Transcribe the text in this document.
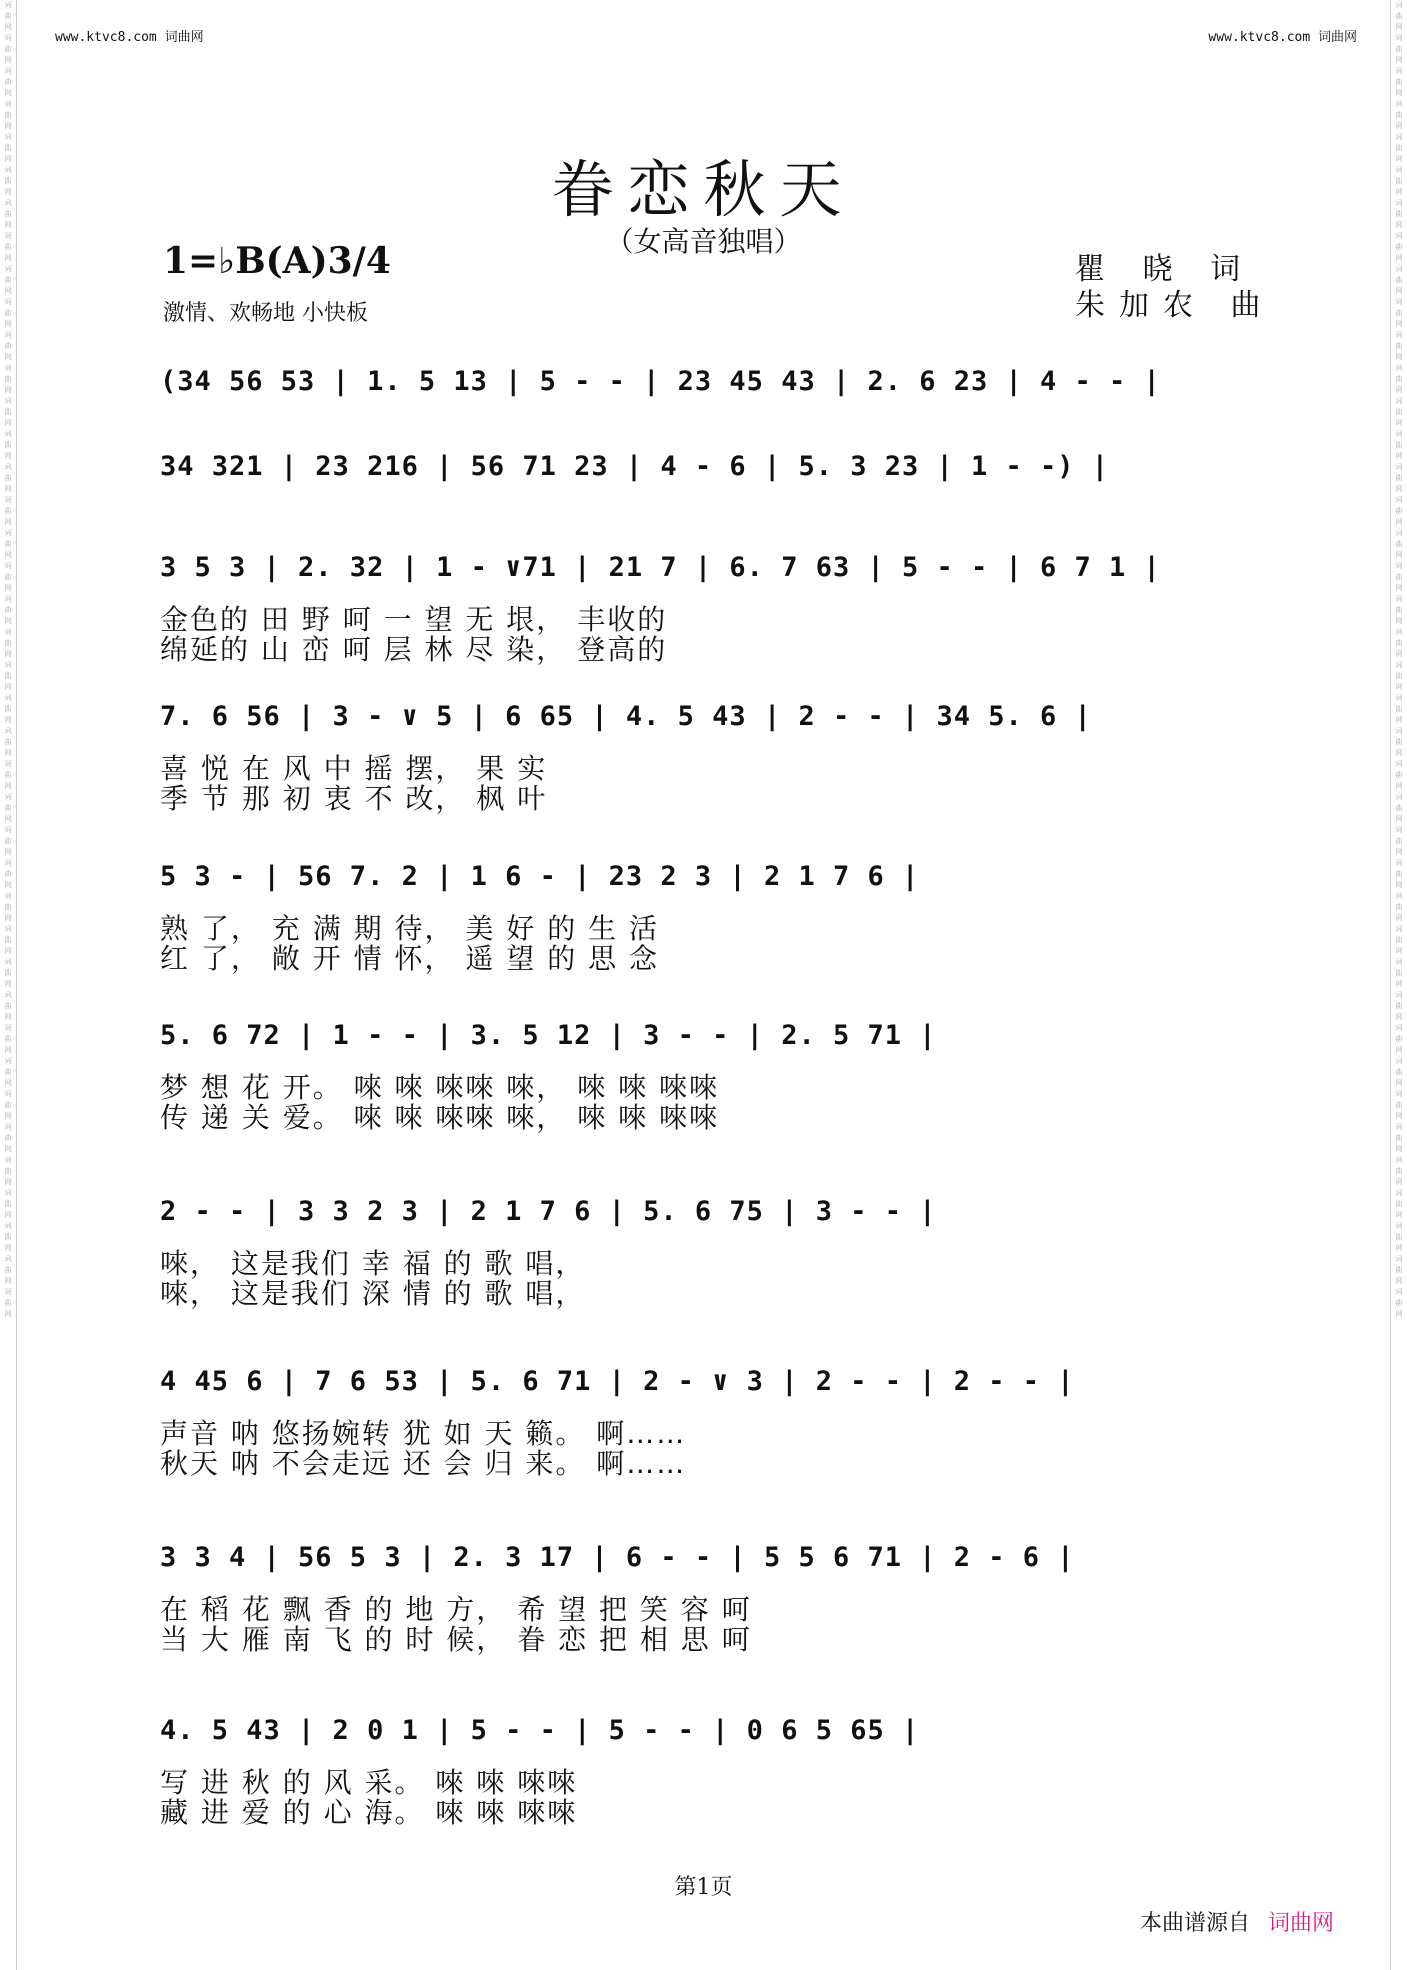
词曲网词曲网词曲网词曲网词曲网词曲网词曲网词曲网词曲网词曲网词曲网词曲网词曲网词曲网词曲网词曲网词曲网词曲网词曲网词曲网词曲网词曲网词曲网词曲网词曲网词曲网词曲网词曲网词曲网词曲网词曲网词曲网词曲网词曲网词曲网词曲网词曲网词曲网词曲网词曲网
词曲网词曲网词曲网词曲网词曲网词曲网词曲网词曲网词曲网词曲网词曲网词曲网词曲网词曲网词曲网词曲网词曲网词曲网词曲网词曲网词曲网词曲网词曲网词曲网词曲网词曲网词曲网词曲网词曲网词曲网词曲网词曲网词曲网词曲网词曲网词曲网词曲网词曲网词曲网词曲网
www.ktvc8.com 词曲网	www.ktvc8.com 词曲网
眷恋秋天
（女高音独唱）
1=♭B(A)3/4
激情、欢畅地 小快板
瞿 晓 词
朱加农 曲
(34 56 53 | 1. 5 13 | 5 - - | 23 45 43 | 2. 6 23 | 4 - - |
34 321 | 23 216 | 56 71 23 | 4 - 6 | 5. 3 23 | 1 - -) |
3 5 3 | 2. 32 | 1 - ∨71 | 21 7 | 6. 7 63 | 5 - - | 6 7 1 |
金色的 田 野 呵 一 望 无 垠， 丰收的
绵延的 山 峦 呵 层 林 尽 染， 登高的
7. 6 56 | 3 - ∨ 5 | 6 65 | 4. 5 43 | 2 - - | 34 5. 6 |
喜 悦 在 风 中 摇 摆， 果 实
季 节 那 初 衷 不 改， 枫 叶
5 3 - | 56 7. 2 | 1 6 - | 23 2 3 | 2 1 7 6 |
熟 了， 充 满 期 待， 美 好 的 生 活
红 了， 敞 开 情 怀， 遥 望 的 思 念
5. 6 72 | 1 - - | 3. 5 12 | 3 - - | 2. 5 71 |
梦 想 花 开。 唻 唻 唻唻 唻， 唻 唻 唻唻
传 递 关 爱。 唻 唻 唻唻 唻， 唻 唻 唻唻
2 - - | 3 3 2 3 | 2 1 7 6 | 5. 6 75 | 3 - - |
唻， 这是我们 幸 福 的 歌 唱，
唻， 这是我们 深 情 的 歌 唱，
4 45 6 | 7 6 53 | 5. 6 71 | 2 - ∨ 3 | 2 - - | 2 - - |
声音 呐 悠扬婉转 犹 如 天 籁。 啊……
秋天 呐 不会走远 还 会 归 来。 啊……
3 3 4 | 56 5 3 | 2. 3 17 | 6 - - | 5 5 6 71 | 2 - 6 |
在 稻 花 飘 香 的 地 方， 希 望 把 笑 容 呵
当 大 雁 南 飞 的 时 候， 眷 恋 把 相 思 呵
4. 5 43 | 2 0 1 | 5 - - | 5 - - | 0 6 5 65 |
写 进 秋 的 风 采。 唻 唻 唻唻
藏 进 爱 的 心 海。 唻 唻 唻唻
第1页
本曲谱源自 词曲网
